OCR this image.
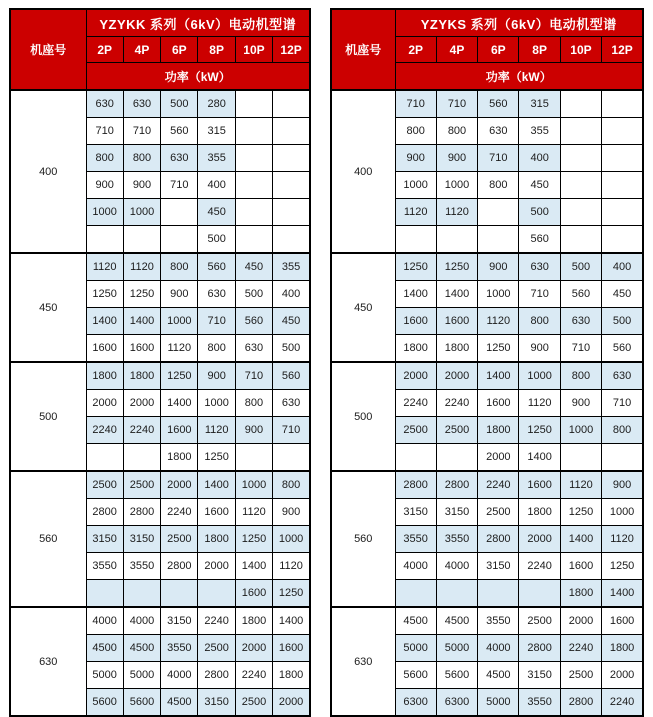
机座号	YZYKK 系列（6kV）电动机型谱					
	2P	4P	6P	8P	10P	12P
	功率（kW）					
400	630	630	500	280		
	710	710	560	315		
	800	800	630	355		
	900	900	710	400		
	1000	1000		450		
				500		
450	1120	1120	800	560	450	355
	1250	1250	900	630	500	400
	1400	1400	1000	710	560	450
	1600	1600	1120	800	630	500
500	1800	1800	1250	900	710	560
	2000	2000	1400	1000	800	630
	2240	2240	1600	1120	900	710
			1800	1250		
560	2500	2500	2000	1400	1000	800
	2800	2800	2240	1600	1120	900
	3150	3150	2500	1800	1250	1000
	3550	3550	2800	2000	1400	1120
					1600	1250
630	4000	4000	3150	2240	1800	1400
	4500	4500	3550	2500	2000	1600
	5000	5000	4000	2800	2240	1800
	5600	5600	4500	3150	2500	2000
机座号	YZYKS 系列（6kV）电动机型谱					
	2P	4P	6P	8P	10P	12P
	功率（kW）					
400	710	710	560	315		
	800	800	630	355		
	900	900	710	400		
	1000	1000	800	450		
	1120	1120		500		
				560		
450	1250	1250	900	630	500	400
	1400	1400	1000	710	560	450
	1600	1600	1120	800	630	500
	1800	1800	1250	900	710	560
500	2000	2000	1400	1000	800	630
	2240	2240	1600	1120	900	710
	2500	2500	1800	1250	1000	800
			2000	1400		
560	2800	2800	2240	1600	1120	900
	3150	3150	2500	1800	1250	1000
	3550	3550	2800	2000	1400	1120
	4000	4000	3150	2240	1600	1250
					1800	1400
630	4500	4500	3550	2500	2000	1600
	5000	5000	4000	2800	2240	1800
	5600	5600	4500	3150	2500	2000
	6300	6300	5000	3550	2800	2240
